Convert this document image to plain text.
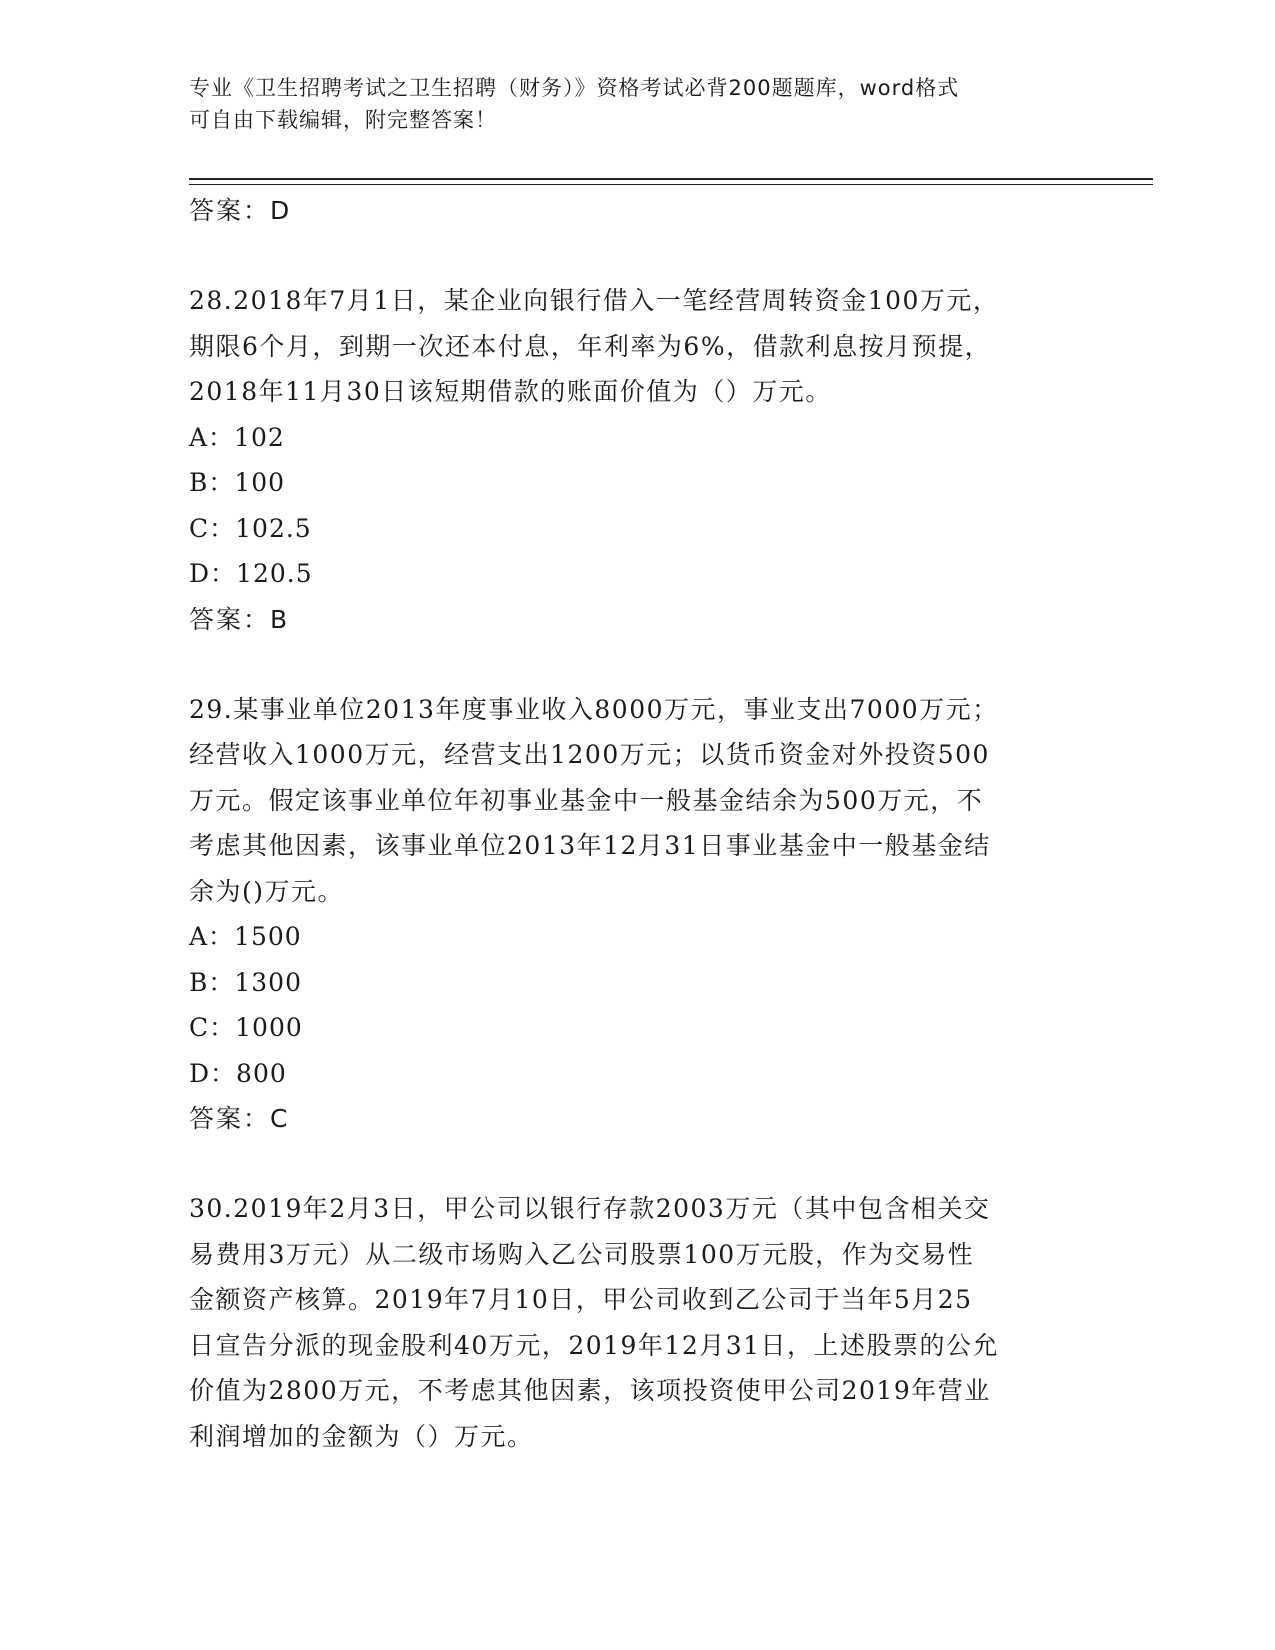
专业《卫生招聘考试之卫生招聘（财务）》资格考试必背200题题库，word格式
可自由下载编辑，附完整答案！
答案：D
28.2018年7月1日，某企业向银行借入一笔经营周转资金100万元，
期限6个月，到期一次还本付息，年利率为6%，借款利息按月预提，
2018年11月30日该短期借款的账面价值为（）万元。
A：102
B：100
C：102.5
D：120.5
答案：B
29.某事业单位2013年度事业收入8000万元，事业支出7000万元；
经营收入1000万元，经营支出1200万元；以货币资金对外投资500
万元。假定该事业单位年初事业基金中一般基金结余为500万元，不
考虑其他因素，该事业单位2013年12月31日事业基金中一般基金结
余为()万元。
A：1500
B：1300
C：1000
D：800
答案：C
30.2019年2月3日，甲公司以银行存款2003万元（其中包含相关交
易费用3万元）从二级市场购入乙公司股票100万元股，作为交易性
金额资产核算。2019年7月10日，甲公司收到乙公司于当年5月25
日宣告分派的现金股利40万元，2019年12月31日，上述股票的公允
价值为2800万元，不考虑其他因素，该项投资使甲公司2019年营业
利润增加的金额为（）万元。
